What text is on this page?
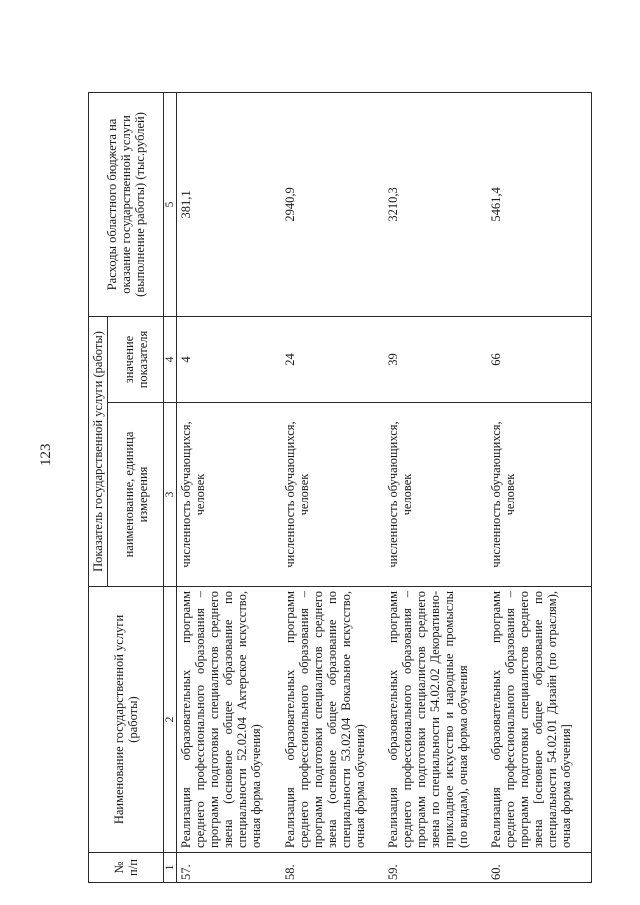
123
№ п/п	Наименование государственной услуги (работы)	Показатель государственной услуги (работы)		Расходы областного бюджета на оказание государственной услуги (выполнение работы) (тыс.рублей)
		наименование, единица измерения	значение показателя	
1	2	3	4	5
57.	Реализация образовательных программ среднего профессионального образования – программ подготовки специалистов среднего звена (основное общее образование по специальности 52.02.04 Актерское искусство, очная форма обучения)	численность обучающихся, человек	4	381,1
58.	Реализация образовательных программ среднего профессионального образования – программ подготовки специалистов среднего звена (основное общее образование по специальности 53.02.04 Вокальное искусство, очная форма обучения)	численность обучающихся, человек	24	2940,9
59.	Реализация образовательных программ среднего профессионального образования – программ подготовки специалистов среднего звена по специальности 54.02.02 Декоративно-прикладное искусство и народные промыслы (по видам), очная форма обучения	численность обучающихся, человек	39	3210,3
60.	Реализация образовательных программ среднего профессионального образования – программ подготовки специалистов среднего звена [основное общее образование по специальности 54.02.01 Дизайн (по отраслям), очная форма обучения]	численность обучающихся, человек	66	5461,4
